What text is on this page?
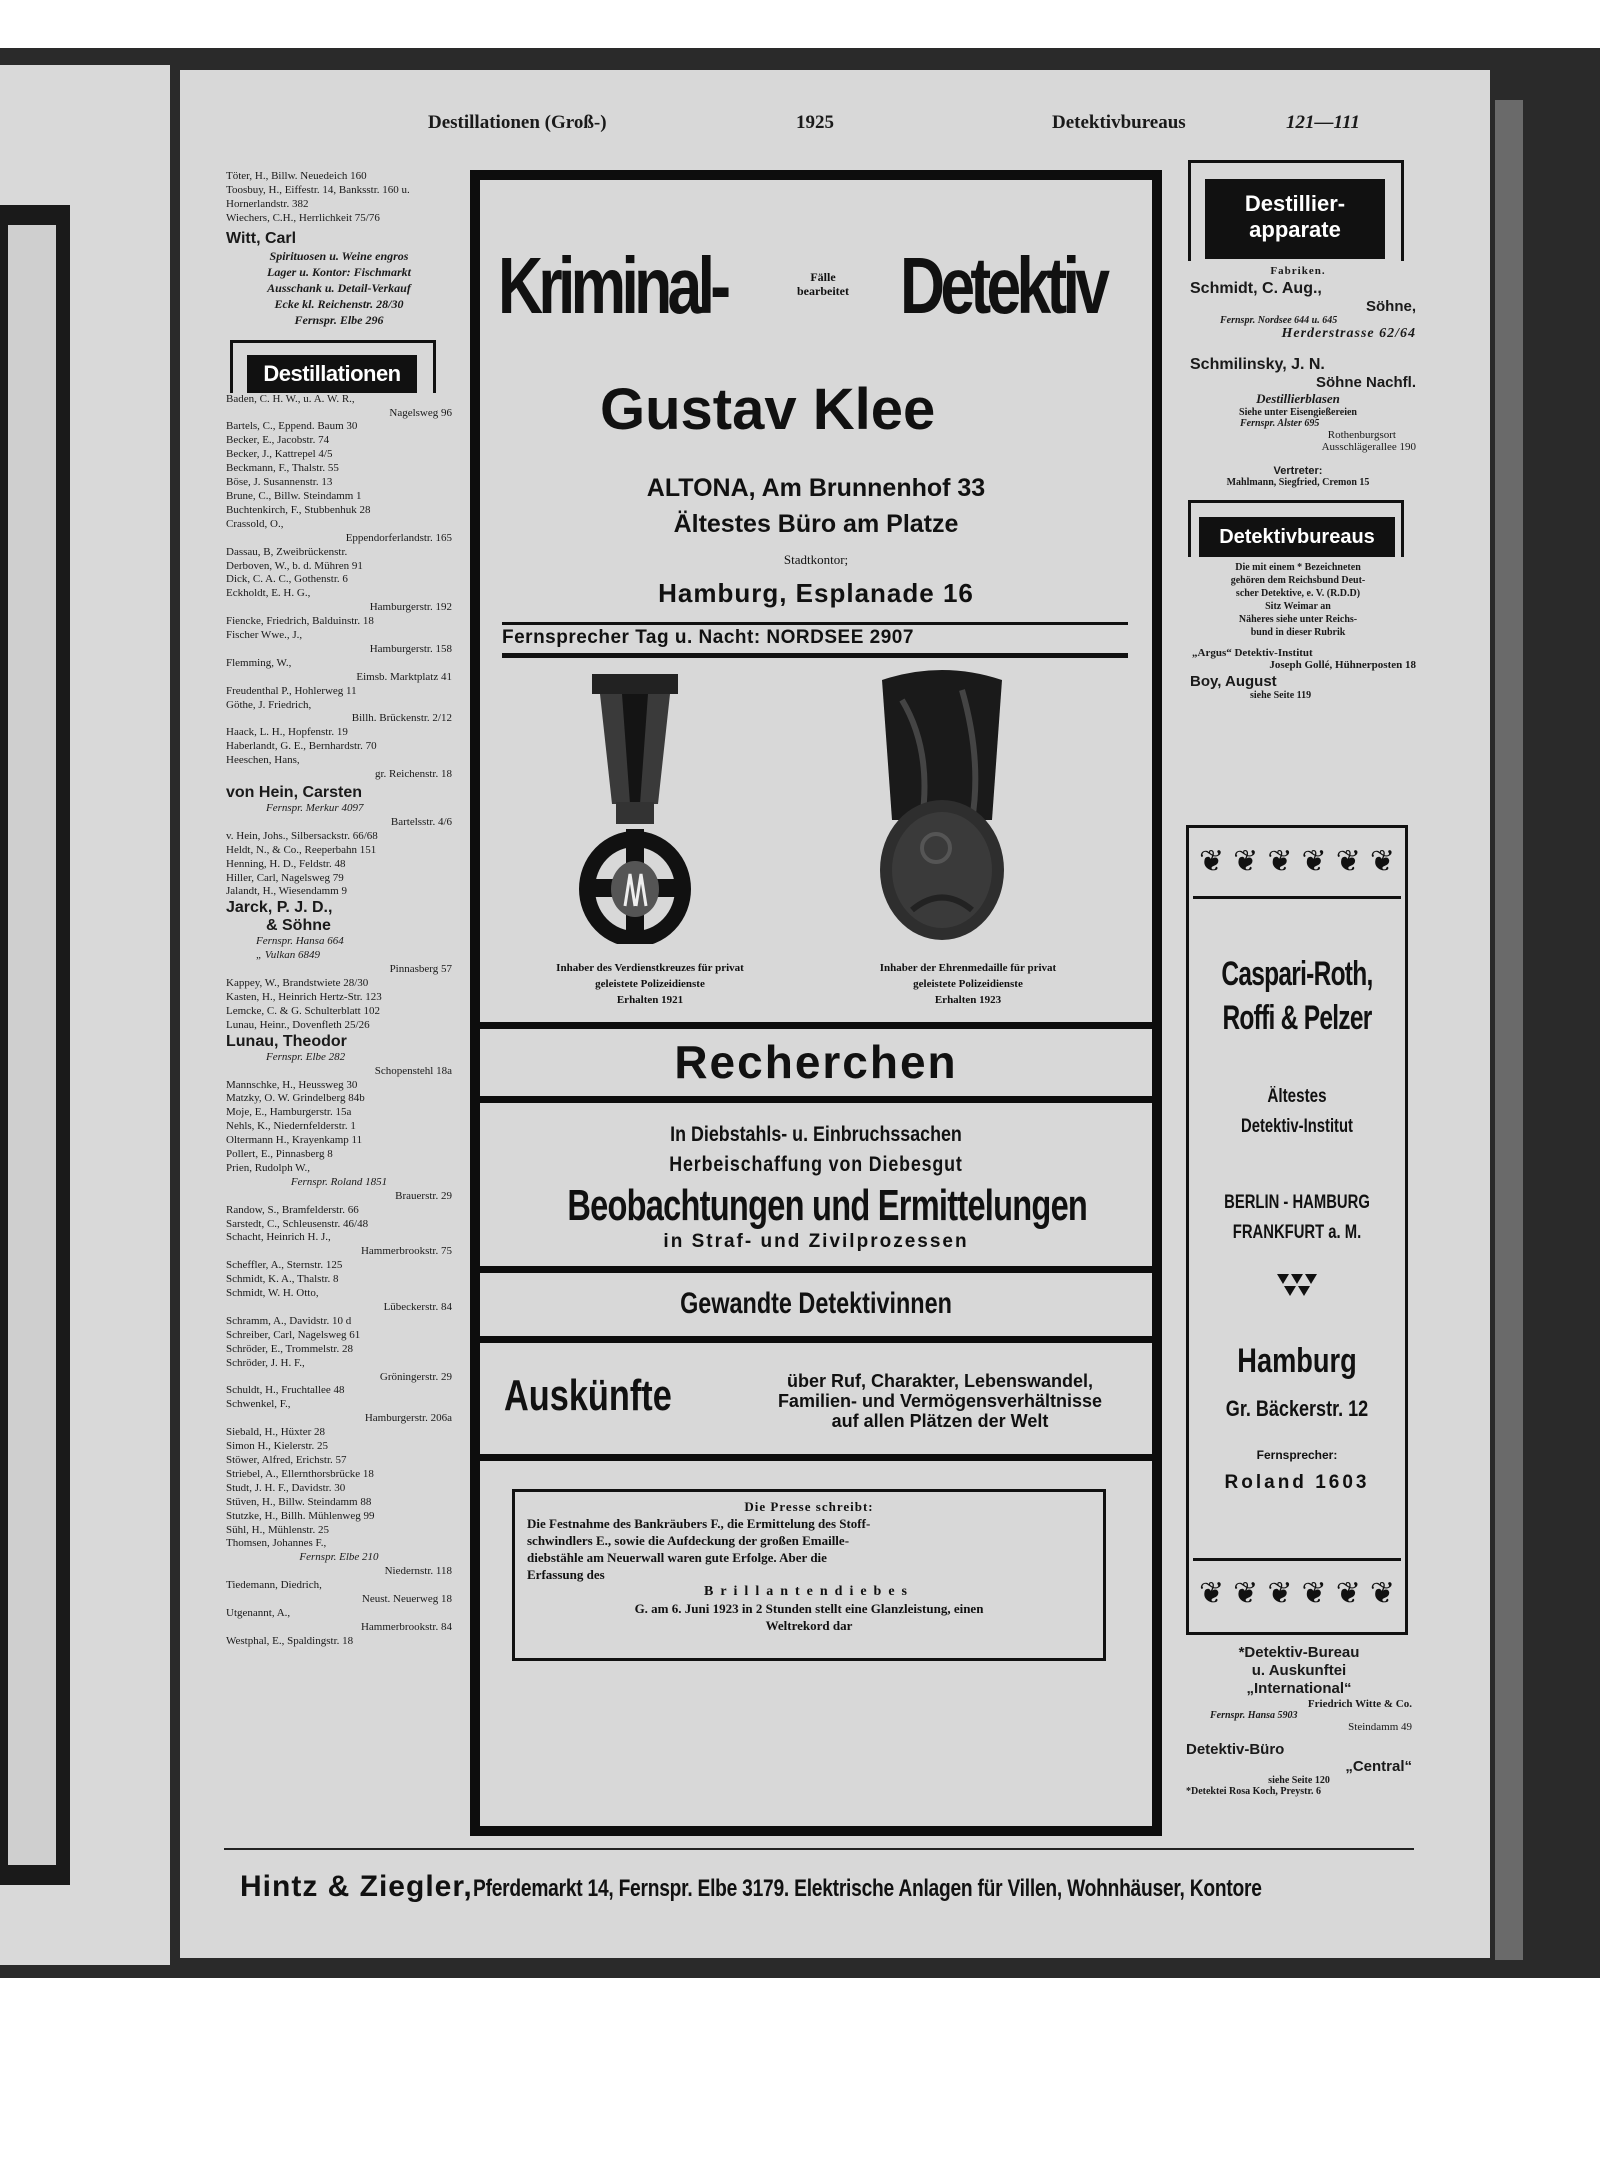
Destillationen (Groß-)	1925	Detektivbureaus	121—111
Töter, H., Billw. Neuedeich 160
Toosbuy, H., Eiffestr. 14, Banksstr. 160 u. Hornerlandstr. 382
Wiechers, C.H., Herrlichkeit 75/76
Witt, Carl
Spirituosen u. Weine engros
Lager u. Kontor: Fischmarkt
Ausschank u. Detail-Verkauf
Ecke kl. Reichenstr. 28/30
Fernspr. Elbe 296
Destillationen
Baden, C. H. W., u. A. W. R.,
Nagelsweg 96
Bartels, C., Eppend. Baum 30
Becker, E., Jacobstr. 74
Becker, J., Kattrepel 4/5
Beckmann, F., Thalstr. 55
Böse, J. Susannenstr. 13
Brune, C., Billw. Steindamm 1
Buchtenkirch, F., Stubbenhuk 28
Crassold, O.,
Eppendorferlandstr. 165
Dassau, B, Zweibrückenstr.
Derboven, W., b. d. Mühren 91
Dick, C. A. C., Gothenstr. 6
Eckholdt, E. H. G.,
Hamburgerstr. 192
Fiencke, Friedrich, Balduinstr. 18
Fischer Wwe., J.,
Hamburgerstr. 158
Flemming, W.,
Eimsb. Marktplatz 41
Freudenthal P., Hohlerweg 11
Göthe, J. Friedrich,
Billh. Brückenstr. 2/12
Haack, L. H., Hopfenstr. 19
Haberlandt, G. E., Bernhardstr. 70
Heeschen, Hans,
gr. Reichenstr. 18
von Hein, Carsten
Fernspr. Merkur 4097
Bartelsstr. 4/6
v. Hein, Johs., Silbersackstr. 66/68
Heldt, N., & Co., Reeperbahn 151
Henning, H. D., Feldstr. 48
Hiller, Carl, Nagelsweg 79
Jalandt, H., Wiesendamm 9
Jarck, P. J. D.,
& Söhne
Fernspr. Hansa 664
„ Vulkan 6849
Pinnasberg 57
Kappey, W., Brandstwiete 28/30
Kasten, H., Heinrich Hertz-Str. 123
Lemcke, C. & G. Schulterblatt 102
Lunau, Heinr., Dovenfleth 25/26
Lunau, Theodor
Fernspr. Elbe 282
Schopenstehl 18a
Mannschke, H., Heussweg 30
Matzky, O. W. Grindelberg 84b
Moje, E., Hamburgerstr. 15a
Nehls, K., Niedernfelderstr. 1
Oltermann H., Krayenkamp 11
Pollert, E., Pinnasberg 8
Prien, Rudolph W.,
Fernspr. Roland 1851
Brauerstr. 29
Randow, S., Bramfelderstr. 66
Sarstedt, C., Schleusenstr. 46/48
Schacht, Heinrich H. J.,
Hammerbrookstr. 75
Scheffler, A., Sternstr. 125
Schmidt, K. A., Thalstr. 8
Schmidt, W. H. Otto,
Lübeckerstr. 84
Schramm, A., Davidstr. 10 d
Schreiber, Carl, Nagelsweg 61
Schröder, E., Trommelstr. 28
Schröder, J. H. F.,
Gröningerstr. 29
Schuldt, H., Fruchtallee 48
Schwenkel, F.,
Hamburgerstr. 206a
Siebald, H., Hüxter 28
Simon H., Kielerstr. 25
Stöwer, Alfred, Erichstr. 57
Striebel, A., Ellernthorsbrücke 18
Studt, J. H. F., Davidstr. 30
Stüven, H., Billw. Steindamm 88
Stutzke, H., Billh. Mühlenweg 99
Sühl, H., Mühlenstr. 25
Thomsen, Johannes F.,
Fernspr. Elbe 210
Niedernstr. 118
Tiedemann, Diedrich,
Neust. Neuerweg 18
Utgenannt, A.,
Hammerbrookstr. 84
Westphal, E., Spaldingstr. 18
Kriminal-	Fälle bearbeitet Detektiv
Gustav Klee
ALTONA, Am Brunnenhof 33
Ältestes Büro am Platze
Stadtkontor;
Hamburg, Esplanade 16
Fernsprecher Tag u. Nacht: NORDSEE 2907
Inhaber des Verdienstkreuzes für privat
geleistete Polizeidienste
Erhalten 1921
Inhaber der Ehrenmedaille für privat
geleistete Polizeidienste
Erhalten 1923
Recherchen
In Diebstahls- u. Einbruchssachen
Herbeischaffung von Diebesgut
Beobachtungen und Ermittelungen
in Straf- und Zivilprozessen
Gewandte Detektivinnen
Auskünfte	über Ruf, Charakter, Lebenswandel,
Familien- und Vermögensverhältnisse
auf allen Plätzen der Welt
Die Presse schreibt:
Die Festnahme des Bankräubers F., die Ermittelung des Stoff-
schwindlers E., sowie die Aufdeckung der großen Emaille-
diebstähle am Neuerwall waren gute Erfolge. Aber die
Erfassung des
Brillantendiebes
G. am 6. Juni 1923 in 2 Stunden stellt eine Glanzleistung, einen
Weltrekord dar
Destillier-apparate
Fabriken.
Schmidt, C. Aug.,
Söhne,
Fernspr. Nordsee 644 u. 645
Herderstrasse 62/64
Schmilinsky, J. N.
Söhne Nachfl.
Destillierblasen
Siehe unter Eisengießereien
Fernspr. Alster 695
Rothenburgsort
Ausschlägerallee 190
Vertreter:
Mahlmann, Siegfried, Cremon 15
Detektivbureaus
Die mit einem * Bezeichneten
gehören dem Reichsbund Deut-
scher Detektive, e. V. (R.D.D)
Sitz Weimar an
Näheres siehe unter Reichs-
bund in dieser Rubrik
„Argus“ Detektiv-Institut
Joseph Gollé, Hühnerposten 18
Boy, August
siehe Seite 119
❦ ❦ ❦ ❦ ❦ ❦
Caspari-Roth,
Roffi & Pelzer
Ältestes
Detektiv-Institut
BERLIN - HAMBURG
FRANKFURT a. M.
Hamburg
Gr. Bäckerstr. 12
Fernsprecher:
Roland 1603
❦ ❦ ❦ ❦ ❦ ❦
*Detektiv-Bureau
u. Auskunftei
„International“
Friedrich Witte & Co.
Fernspr. Hansa 5903
Steindamm 49
Detektiv-Büro
„Central“
siehe Seite 120
*Detektei Rosa Koch, Preystr. 6
Hintz & Ziegler,Pferdemarkt 14, Fernspr. Elbe 3179. Elektrische Anlagen für Villen, Wohnhäuser, Kontore
